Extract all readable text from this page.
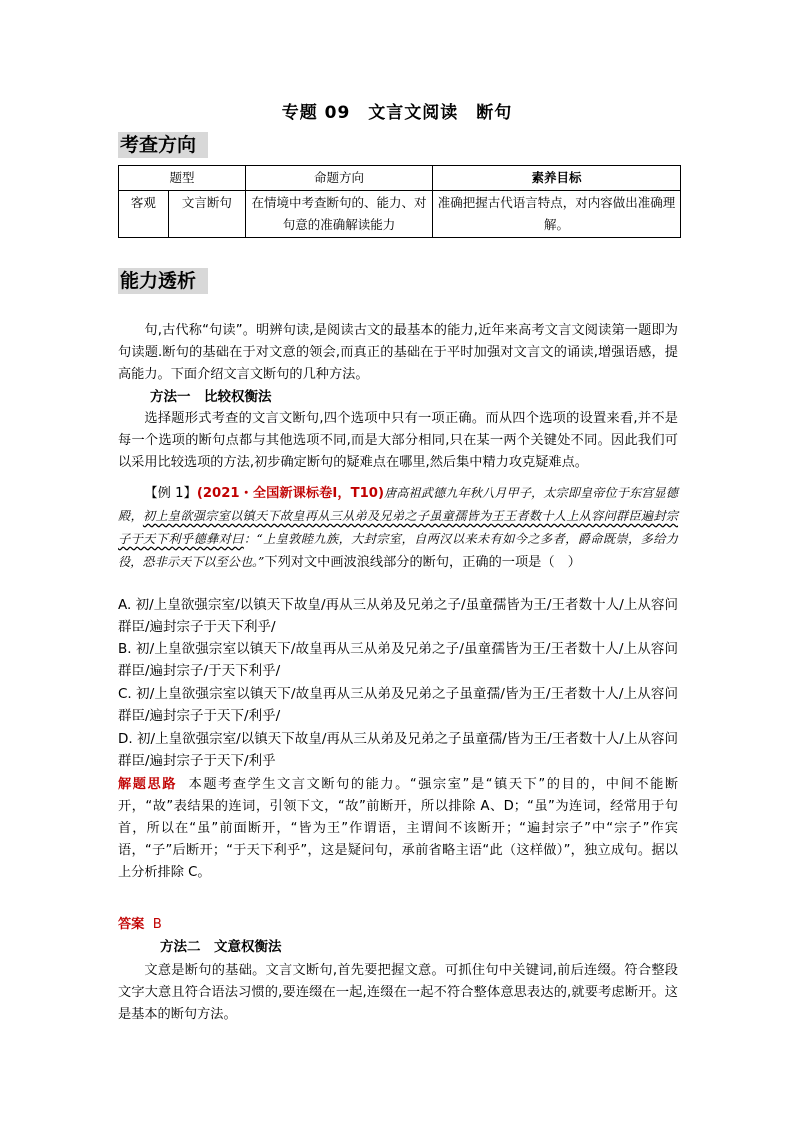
专题 09　文言文阅读　断句
考查方向
题型		命题方向	素养目标
客观	文言断句	在情境中考查断句的、能力、对句意的准确解读能力	准确把握古代语言特点，对内容做出准确理解。
能力透析
句,古代称“句读”。明辨句读,是阅读古文的最基本的能力,近年来高考文言文阅读第一题即为句读题.断句的基础在于对文意的领会,而真正的基础在于平时加强对文言文的诵读,增强语感，提高能力。下面介绍文言文断句的几种方法。
方法一　比较权衡法
选择题形式考查的文言文断句,四个选项中只有一项正确。而从四个选项的设置来看,并不是每一个选项的断句点都与其他选项不同,而是大部分相同,只在某一两个关键处不同。因此我们可以采用比较选项的方法,初步确定断句的疑难点在哪里,然后集中精力攻克疑难点。
【例 1】(2021・全国新课标卷Ⅰ，T10)唐高祖武德九年秋八月甲子，太宗即皇帝位于东宫显德殿，初上皇欲强宗室以镇天下故皇再从三从弟及兄弟之子虽童孺皆为王王者数十人上从容问群臣遍封宗子于天下利乎德彝对曰：“上皇敦睦九族，大封宗室，自两汉以来未有如今之多者，爵命既崇，多给力役，恐非示天下以至公也。”下列对文中画波浪线部分的断句，正确的一项是（　）
A. 初/上皇欲强宗室/以镇天下故皇/再从三从弟及兄弟之子/虽童孺皆为王/王者数十人/上从容问群臣/遍封宗子于天下利乎/
B. 初/上皇欲强宗室以镇天下/故皇再从三从弟及兄弟之子/虽童孺皆为王/王者数十人/上从容问群臣/遍封宗子/于天下利乎/
C. 初/上皇欲强宗室以镇天下/故皇再从三从弟及兄弟之子虽童孺/皆为王/王者数十人/上从容问群臣/遍封宗子于天下/利乎/
D. 初/上皇欲强宗室/以镇天下故皇/再从三从弟及兄弟之子虽童孺/皆为王/王者数十人/上从容问群臣/遍封宗子于天下/利乎
解题思路 本题考查学生文言文断句的能力。“强宗室”是“镇天下”的目的，中间不能断开，“故”表结果的连词，引领下文，“故”前断开，所以排除 A、D；“虽”为连词，经常用于句首，所以在“虽”前面断开，“皆为王”作谓语，主谓间不该断开；“遍封宗子”中“宗子”作宾语，“子”后断开；“于天下利乎”，这是疑问句，承前省略主语“此（这样做）”，独立成句。据以上分析排除 C。
答案 B
方法二　文意权衡法
文意是断句的基础。文言文断句,首先要把握文意。可抓住句中关键词,前后连缀。符合整段文字大意且符合语法习惯的,要连缀在一起,连缀在一起不符合整体意思表达的,就要考虑断开。这是基本的断句方法。
